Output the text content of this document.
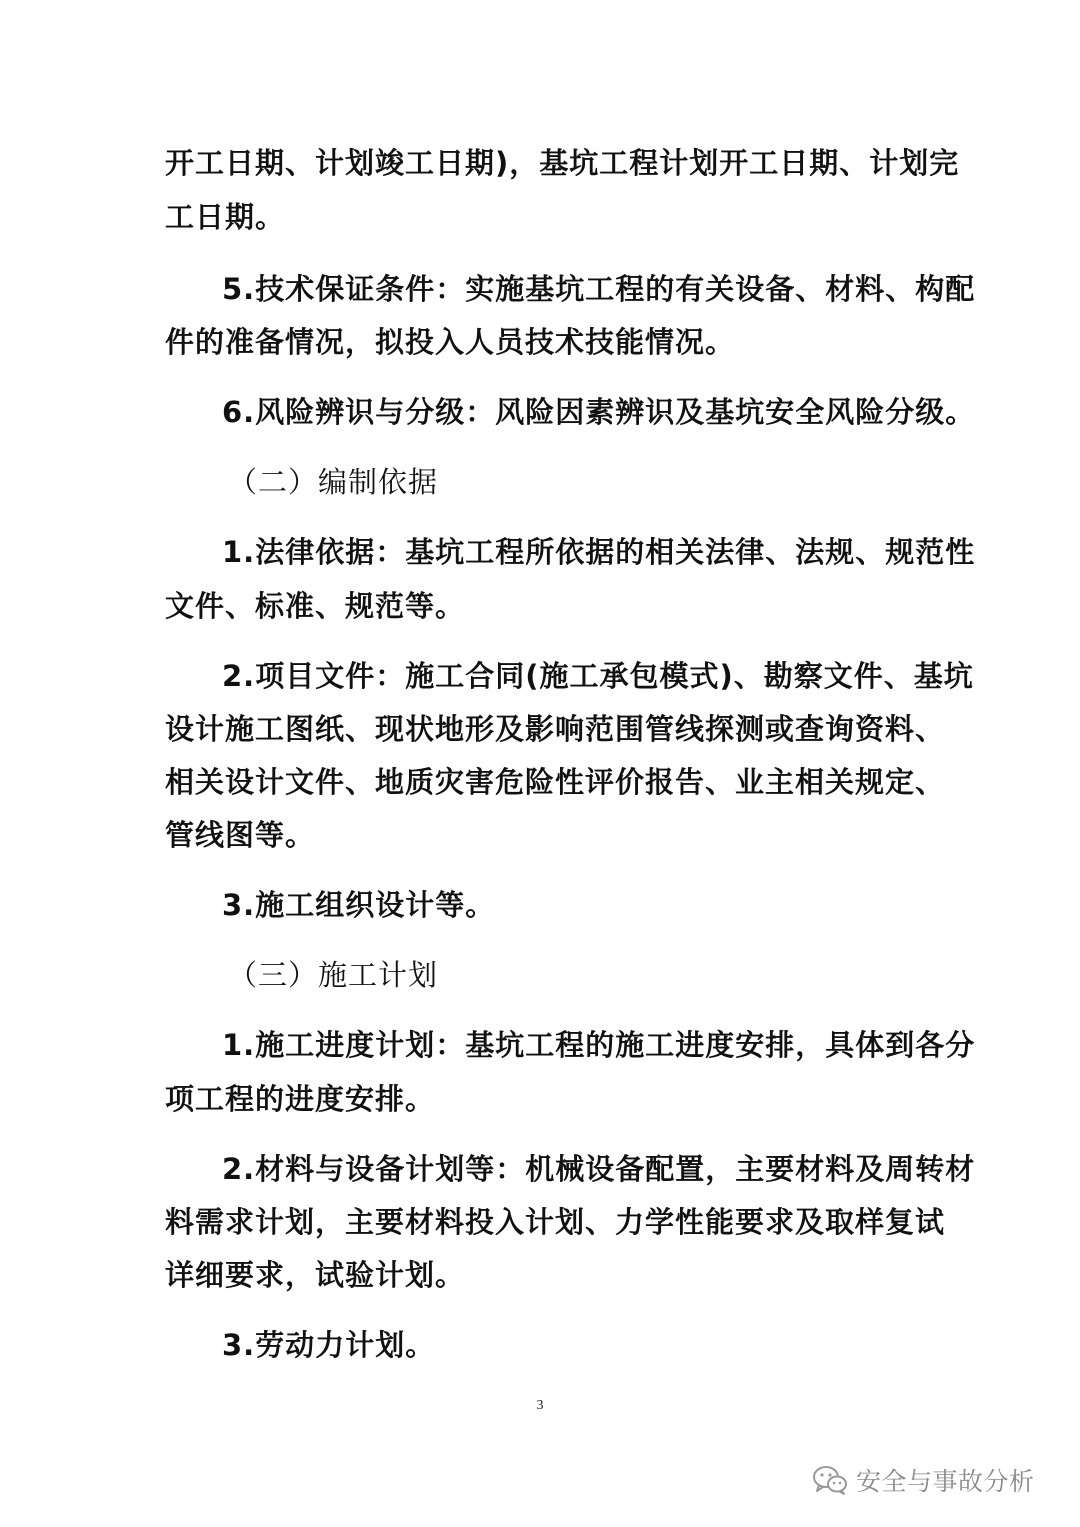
开工日期、计划竣工日期)，基坑工程计划开工日期、计划完
工日期。
5.技术保证条件：实施基坑工程的有关设备、材料、构配
件的准备情况，拟投入人员技术技能情况。
6.风险辨识与分级：风险因素辨识及基坑安全风险分级。
（二）编制依据
1.法律依据：基坑工程所依据的相关法律、法规、规范性
文件、标准、规范等。
2.项目文件：施工合同(施工承包模式)、勘察文件、基坑
设计施工图纸、现状地形及影响范围管线探测或查询资料、
相关设计文件、地质灾害危险性评价报告、业主相关规定、
管线图等。
3.施工组织设计等。
（三）施工计划
1.施工进度计划：基坑工程的施工进度安排，具体到各分
项工程的进度安排。
2.材料与设备计划等：机械设备配置，主要材料及周转材
料需求计划，主要材料投入计划、力学性能要求及取样复试
详细要求，试验计划。
3.劳动力计划。
3
安全与事故分析
